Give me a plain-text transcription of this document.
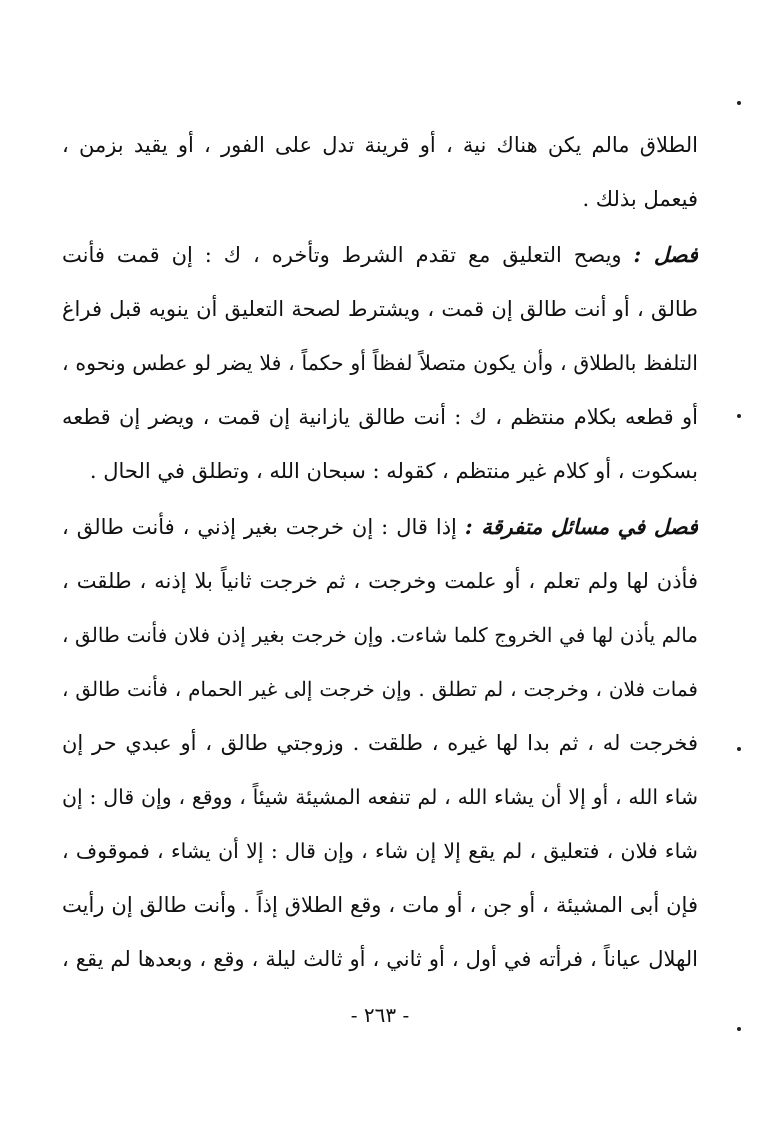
الطلاق مالم يكن هناك نية ، أو قرينة تدل على الفور ، أو يقيد بزمن ،
فيعمل بذلك .
فصل : ويصح التعليق مع تقدم الشرط وتأخره ، ك : إن قمت فأنت
طالق ، أو أنت طالق إن قمت ، ويشترط لصحة التعليق أن ينويه قبل فراغ
التلفظ بالطلاق ، وأن يكون متصلاً لفظاً أو حكماً ، فلا يضر لو عطس ونحوه ،
أو قطعه بكلام منتظم ، ك : أنت طالق يازانية إن قمت ، ويضر إن قطعه
بسكوت ، أو كلام غير منتظم ، كقوله : سبحان الله ، وتطلق في الحال .
فصل في مسائل متفرقة : إذا قال : إن خرجت بغير إذني ، فأنت طالق ،
فأذن لها ولم تعلم ، أو علمت وخرجت ، ثم خرجت ثانياً بلا إذنه ، طلقت ،
مالم يأذن لها في الخروج كلما شاءت. وإن خرجت بغير إذن فلان فأنت طالق ،
فمات فلان ، وخرجت ، لم تطلق . وإن خرجت إلى غير الحمام ، فأنت طالق ،
فخرجت له ، ثم بدا لها غيره ، طلقت . وزوجتي طالق ، أو عبدي حر إن
شاء الله ، أو إلا أن يشاء الله ، لم تنفعه المشيئة شيئاً ، ووقع ، وإن قال : إن
شاء فلان ، فتعليق ، لم يقع إلا إن شاء ، وإن قال : إلا أن يشاء ، فموقوف ،
فإن أبى المشيئة ، أو جن ، أو مات ، وقع الطلاق إذاً . وأنت طالق إن رأيت
الهلال عياناً ، فرأته في أول ، أو ثاني ، أو ثالث ليلة ، وقع ، وبعدها لم يقع ،
- ٢٦٣ -
